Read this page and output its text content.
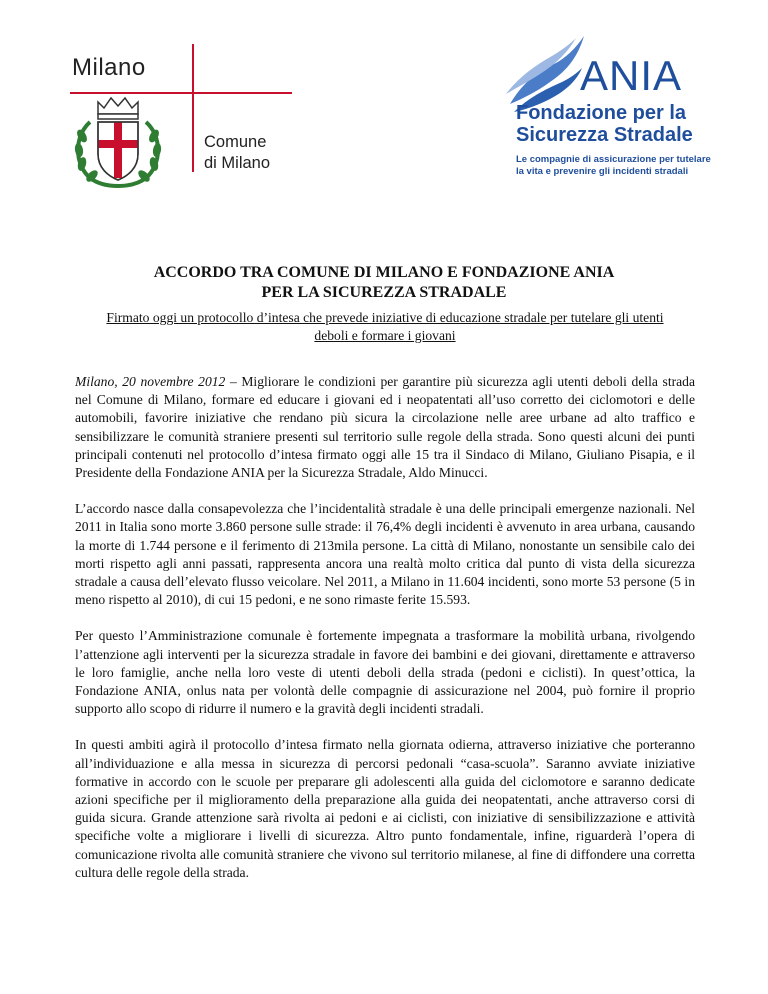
Milano
Comune
di Milano
ANIA
Fondazione per la
Sicurezza Stradale
Le compagnie di assicurazione per tutelare
la vita e prevenire gli incidenti stradali
ACCORDO TRA COMUNE DI MILANO E FONDAZIONE ANIA
PER LA SICUREZZA STRADALE
Firmato oggi un protocollo d’intesa che prevede iniziative di educazione stradale per tutelare gli utenti deboli e formare i giovani

Milano, 20 novembre 2012 – Migliorare le condizioni per garantire più sicurezza agli utenti deboli della strada nel Comune di Milano, formare ed educare i giovani ed i neopatentati all’uso corretto dei ciclomotori e delle automobili, favorire iniziative che rendano più sicura la circolazione nelle aree urbane ad alto traffico e sensibilizzare le comunità straniere presenti sul territorio sulle regole della strada. Sono questi alcuni dei punti principali contenuti nel protocollo d’intesa firmato oggi alle 15 tra il Sindaco di Milano, Giuliano Pisapia, e il Presidente della Fondazione ANIA per la Sicurezza Stradale, Aldo Minucci.

L’accordo nasce dalla consapevolezza che l’incidentalità stradale è una delle principali emergenze nazionali. Nel 2011 in Italia sono morte 3.860 persone sulle strade: il 76,4% degli incidenti è avvenuto in area urbana, causando la morte di 1.744 persone e il ferimento di 213mila persone. La città di Milano, nonostante un sensibile calo dei morti rispetto agli anni passati, rappresenta ancora una realtà molto critica dal punto di vista della sicurezza stradale a causa dell’elevato flusso veicolare. Nel 2011, a Milano in 11.604 incidenti, sono morte 53 persone (5 in meno rispetto al 2010), di cui 15 pedoni, e ne sono rimaste ferite 15.593.

Per questo l’Amministrazione comunale è fortemente impegnata a trasformare la mobilità urbana, rivolgendo l’attenzione agli interventi per la sicurezza stradale in favore dei bambini e dei giovani, direttamente e attraverso le loro famiglie, anche nella loro veste di utenti deboli della strada (pedoni e ciclisti). In quest’ottica, la Fondazione ANIA, onlus nata per volontà delle compagnie di assicurazione nel 2004, può fornire il proprio supporto allo scopo di ridurre il numero e la gravità degli incidenti stradali.

In questi ambiti agirà il protocollo d’intesa firmato nella giornata odierna, attraverso iniziative che porteranno all’individuazione e alla messa in sicurezza di percorsi pedonali “casa-scuola”. Saranno avviate iniziative formative in accordo con le scuole per preparare gli adolescenti alla guida del ciclomotore e saranno dedicate azioni specifiche per il miglioramento della preparazione alla guida dei neopatentati, anche attraverso corsi di guida sicura. Grande attenzione sarà rivolta ai pedoni e ai ciclisti, con iniziative di sensibilizzazione e attività specifiche volte a migliorare i livelli di sicurezza. Altro punto fondamentale, infine, riguarderà l’opera di comunicazione rivolta alle comunità straniere che vivono sul territorio milanese, al fine di diffondere una corretta cultura delle regole della strada.
